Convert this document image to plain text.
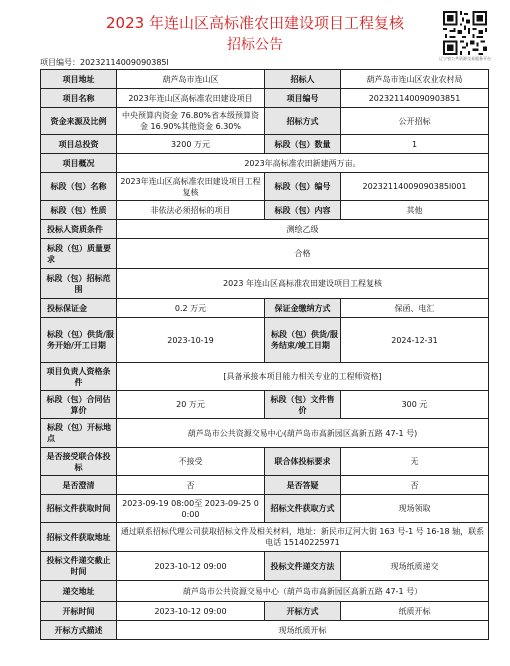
2023 年连山区高标准农田建设项目工程复核
招标公告
项目编号：20232114009090385l	辽宁省公共资源交易服务平台
项目地址	葫芦岛市连山区	招标人	葫芦岛市连山区农业农村局
项目名称	2023年连山区高标准农田建设项目	项目编号	202321140090903851
资金来源及比例	中央预算内资金 76.80%省本级预算资金 16.90%其他资金 6.30%	招标方式	公开招标
项目总投资	3200 万元	标段（包）数量	1
项目概况	2023年高标准农田新建两万亩。		
标段（包）名称	2023年连山区高标准农田建设项目工程复核	标段（包）编号	20232114009090385l001
标段（包）性质	非依法必须招标的项目	标段（包）内容	其他
投标人资质条件	测绘乙级		
标段（包）质量要求	合格		
标段（包）招标范围	2023 年连山区高标准农田建设项目工程复核		
投标保证金	0.2 万元	保证金缴纳方式	保函、电汇
标段（包）供货/服务开始/开工日期	2023-10-19	标段（包）供货/服务结束/竣工日期	2024-12-31
项目负责人资格条件	[具备承接本项目能力相关专业的工程师资格]		
标段（包）合同估算价	20 万元	标段（包）文件售价	300 元
标段（包）开标地点	葫芦岛市公共资源交易中心(葫芦岛市高新园区高新五路 47-1 号)		
是否接受联合体投标	不接受	联合体投标要求	无
是否澄清	否	是否答疑	否
招标文件获取时间	2023-09-19 08:00至 2023-09-25 00:00	招标文件获取方式	现场领取
招标文件获取地址	通过联系招标代理公司获取招标文件及相关材料，地址：新民市辽河大街 163 号-1 号 16-18 轴，联系电话 15140225971		
投标文件递交截止时间	2023-10-12 09:00	投标文件递交方法	现场纸质递交
递交地址	葫芦岛市公共资源交易中心（葫芦岛市高新园区高新五路 47-1 号）		
开标时间	2023-10-12 09:00	开标方式	纸质开标
开标方式描述	现场纸质开标		
